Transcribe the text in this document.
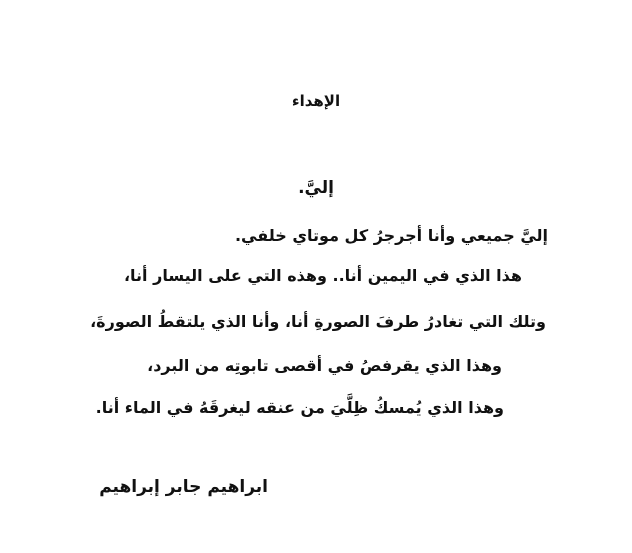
الإهداء
إليَّ.
إليَّ جميعي وأنا أجرجرُ كل موتاي خلفي.
هذا الذي في اليمين أنا.. وهذه التي على اليسار أنا،
وتلك التي تغادرُ طرفَ الصورةِ أنا، وأنا الذي يلتقطُ الصورةَ،
وهذا الذي يقرفصُ في أقصى تابوتِه من البرد،
وهذا الذي يُمسكُ ظِلَّيَ من عنقه ليغرقَهُ في الماء أنا.
ابراهيم جابر إبراهيم
